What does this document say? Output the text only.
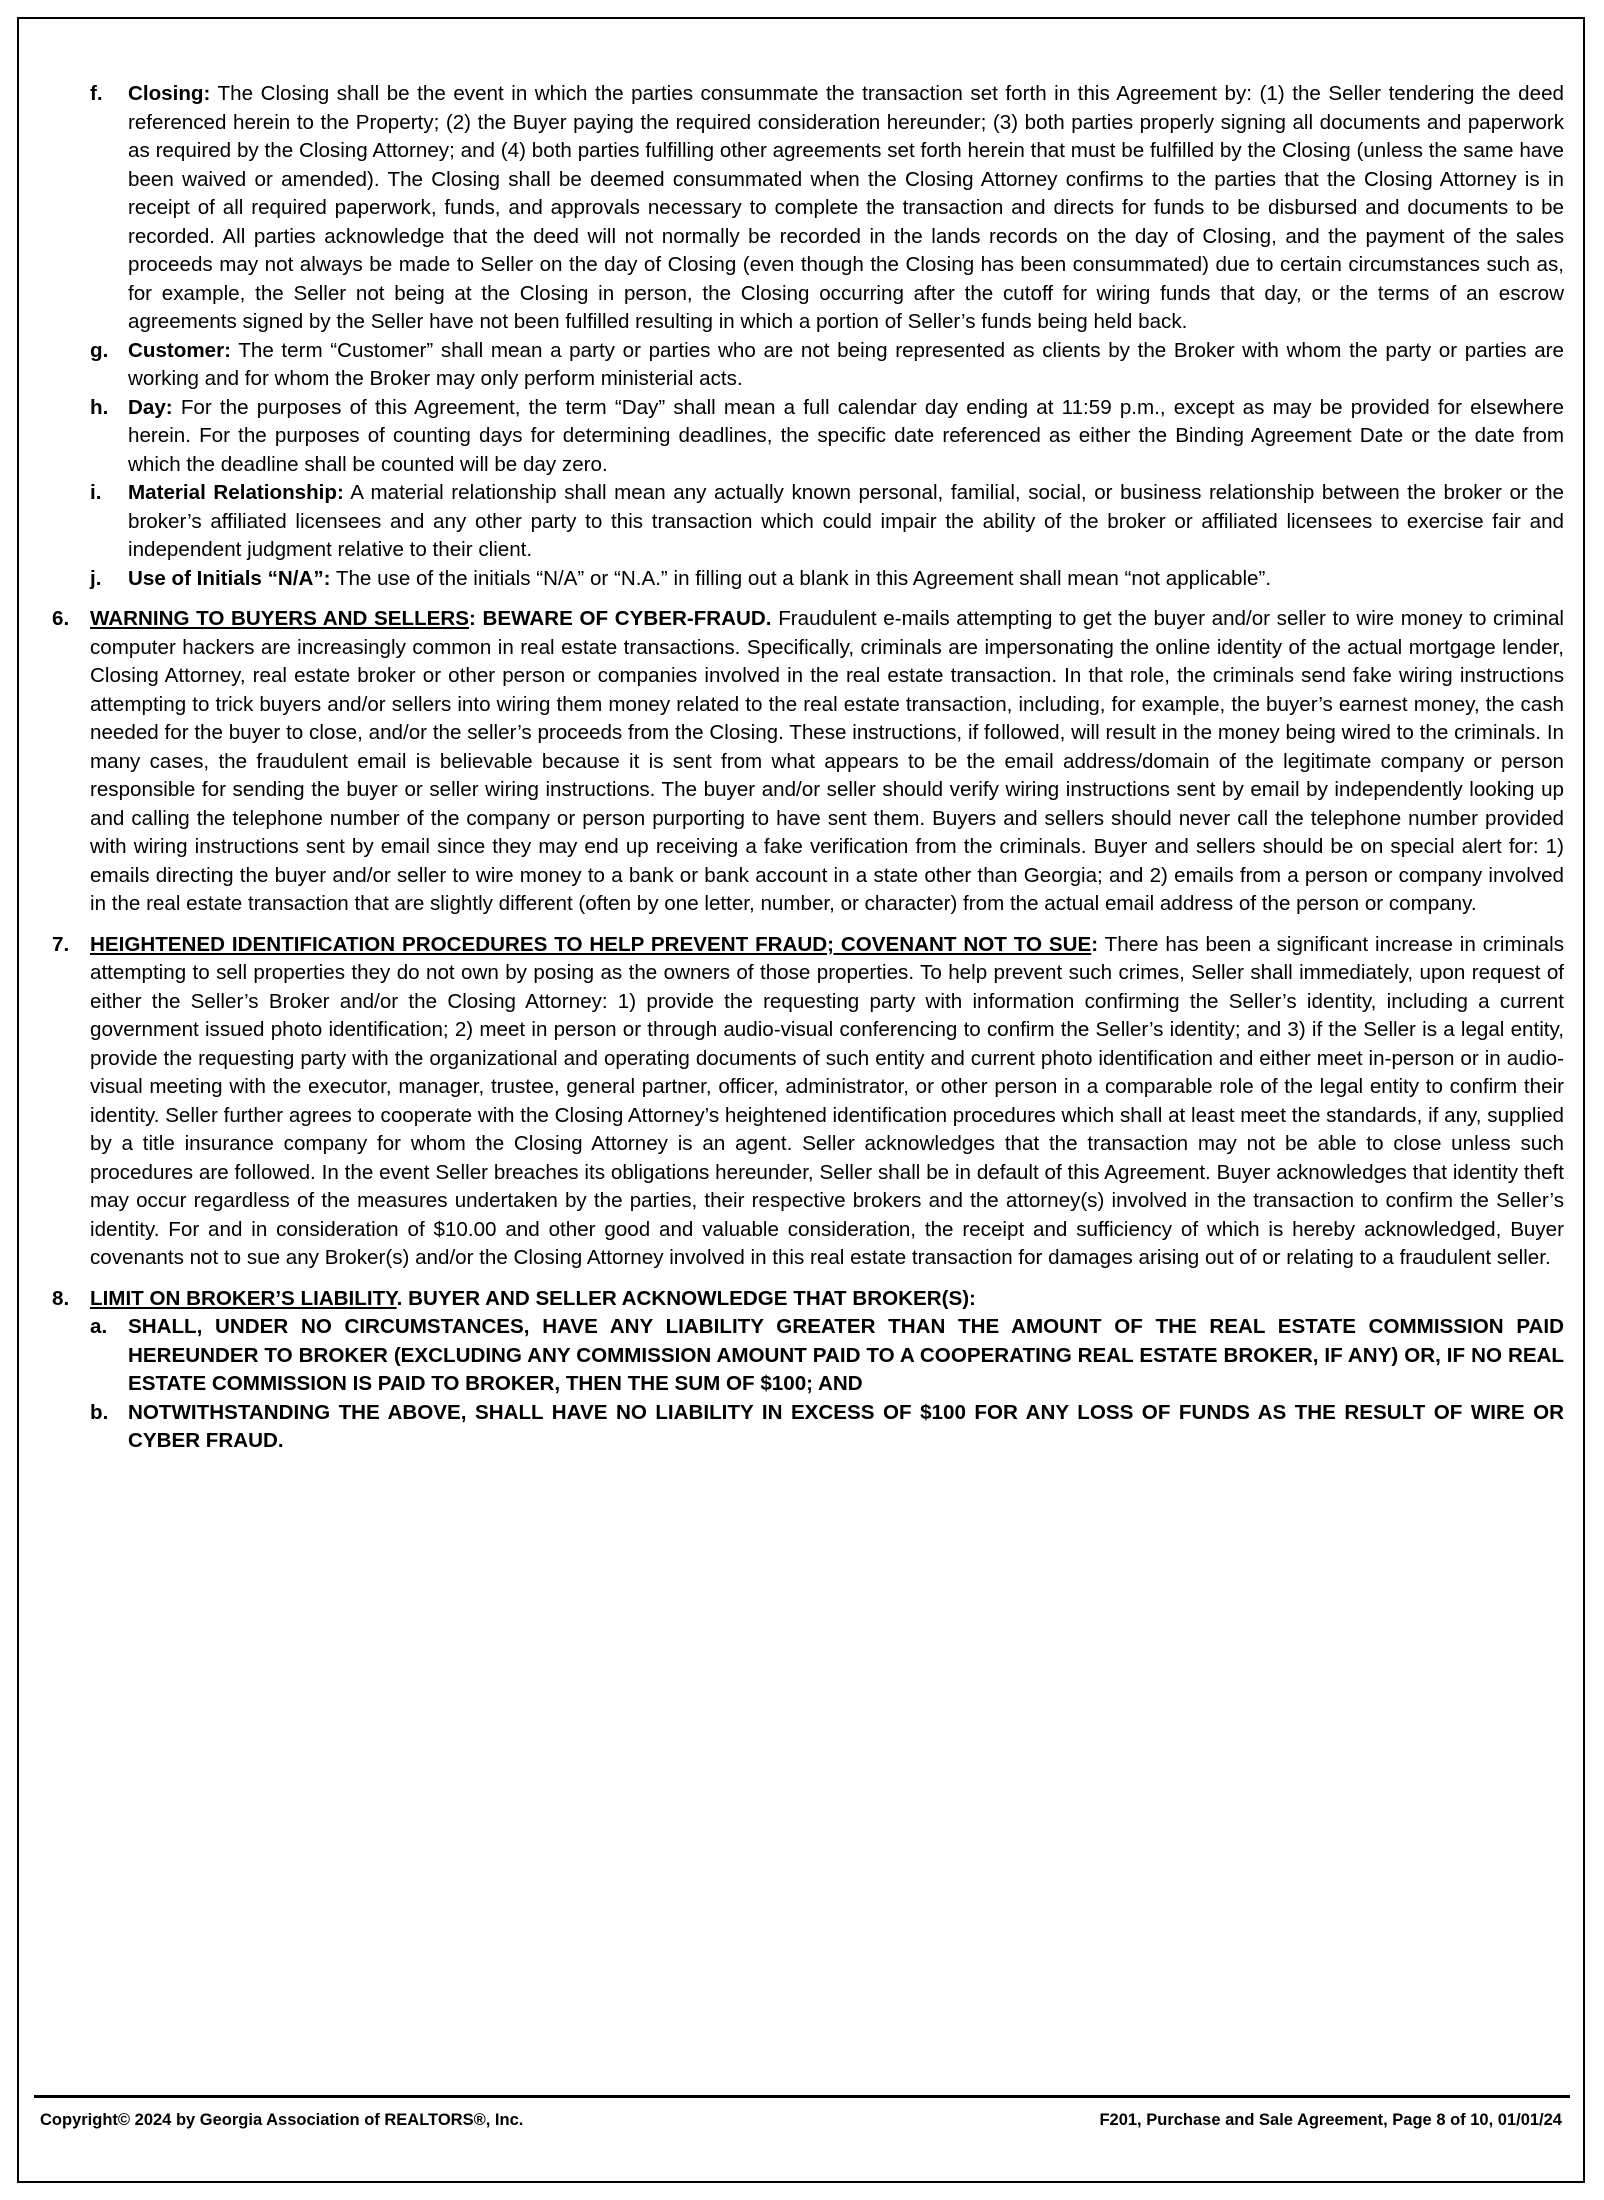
f. Closing: The Closing shall be the event in which the parties consummate the transaction set forth in this Agreement by: (1) the Seller tendering the deed referenced herein to the Property; (2) the Buyer paying the required consideration hereunder; (3) both parties properly signing all documents and paperwork as required by the Closing Attorney; and (4) both parties fulfilling other agreements set forth herein that must be fulfilled by the Closing (unless the same have been waived or amended). The Closing shall be deemed consummated when the Closing Attorney confirms to the parties that the Closing Attorney is in receipt of all required paperwork, funds, and approvals necessary to complete the transaction and directs for funds to be disbursed and documents to be recorded. All parties acknowledge that the deed will not normally be recorded in the lands records on the day of Closing, and the payment of the sales proceeds may not always be made to Seller on the day of Closing (even though the Closing has been consummated) due to certain circumstances such as, for example, the Seller not being at the Closing in person, the Closing occurring after the cutoff for wiring funds that day, or the terms of an escrow agreements signed by the Seller have not been fulfilled resulting in which a portion of Seller’s funds being held back.
g. Customer: The term “Customer” shall mean a party or parties who are not being represented as clients by the Broker with whom the party or parties are working and for whom the Broker may only perform ministerial acts.
h. Day: For the purposes of this Agreement, the term “Day” shall mean a full calendar day ending at 11:59 p.m., except as may be provided for elsewhere herein. For the purposes of counting days for determining deadlines, the specific date referenced as either the Binding Agreement Date or the date from which the deadline shall be counted will be day zero.
i. Material Relationship: A material relationship shall mean any actually known personal, familial, social, or business relationship between the broker or the broker’s affiliated licensees and any other party to this transaction which could impair the ability of the broker or affiliated licensees to exercise fair and independent judgment relative to their client.
j. Use of Initials “N/A”: The use of the initials “N/A” or “N.A.” in filling out a blank in this Agreement shall mean “not applicable”.
6. WARNING TO BUYERS AND SELLERS: BEWARE OF CYBER-FRAUD. Fraudulent e-mails attempting to get the buyer and/or seller to wire money to criminal computer hackers are increasingly common in real estate transactions. Specifically, criminals are impersonating the online identity of the actual mortgage lender, Closing Attorney, real estate broker or other person or companies involved in the real estate transaction. In that role, the criminals send fake wiring instructions attempting to trick buyers and/or sellers into wiring them money related to the real estate transaction, including, for example, the buyer’s earnest money, the cash needed for the buyer to close, and/or the seller’s proceeds from the Closing. These instructions, if followed, will result in the money being wired to the criminals. In many cases, the fraudulent email is believable because it is sent from what appears to be the email address/domain of the legitimate company or person responsible for sending the buyer or seller wiring instructions. The buyer and/or seller should verify wiring instructions sent by email by independently looking up and calling the telephone number of the company or person purporting to have sent them. Buyers and sellers should never call the telephone number provided with wiring instructions sent by email since they may end up receiving a fake verification from the criminals. Buyer and sellers should be on special alert for: 1) emails directing the buyer and/or seller to wire money to a bank or bank account in a state other than Georgia; and 2) emails from a person or company involved in the real estate transaction that are slightly different (often by one letter, number, or character) from the actual email address of the person or company.
7. HEIGHTENED IDENTIFICATION PROCEDURES TO HELP PREVENT FRAUD; COVENANT NOT TO SUE: There has been a significant increase in criminals attempting to sell properties they do not own by posing as the owners of those properties. To help prevent such crimes, Seller shall immediately, upon request of either the Seller’s Broker and/or the Closing Attorney: 1) provide the requesting party with information confirming the Seller’s identity, including a current government issued photo identification; 2) meet in person or through audio-visual conferencing to confirm the Seller’s identity; and 3) if the Seller is a legal entity, provide the requesting party with the organizational and operating documents of such entity and current photo identification and either meet in-person or in audio-visual meeting with the executor, manager, trustee, general partner, officer, administrator, or other person in a comparable role of the legal entity to confirm their identity. Seller further agrees to cooperate with the Closing Attorney’s heightened identification procedures which shall at least meet the standards, if any, supplied by a title insurance company for whom the Closing Attorney is an agent. Seller acknowledges that the transaction may not be able to close unless such procedures are followed. In the event Seller breaches its obligations hereunder, Seller shall be in default of this Agreement. Buyer acknowledges that identity theft may occur regardless of the measures undertaken by the parties, their respective brokers and the attorney(s) involved in the transaction to confirm the Seller’s identity. For and in consideration of $10.00 and other good and valuable consideration, the receipt and sufficiency of which is hereby acknowledged, Buyer covenants not to sue any Broker(s) and/or the Closing Attorney involved in this real estate transaction for damages arising out of or relating to a fraudulent seller.
8. LIMIT ON BROKER’S LIABILITY. BUYER AND SELLER ACKNOWLEDGE THAT BROKER(S):
a. SHALL, UNDER NO CIRCUMSTANCES, HAVE ANY LIABILITY GREATER THAN THE AMOUNT OF THE REAL ESTATE COMMISSION PAID HEREUNDER TO BROKER (EXCLUDING ANY COMMISSION AMOUNT PAID TO A COOPERATING REAL ESTATE BROKER, IF ANY) OR, IF NO REAL ESTATE COMMISSION IS PAID TO BROKER, THEN THE SUM OF $100; AND
b. NOTWITHSTANDING THE ABOVE, SHALL HAVE NO LIABILITY IN EXCESS OF $100 FOR ANY LOSS OF FUNDS AS THE RESULT OF WIRE OR CYBER FRAUD.
Copyright© 2024 by Georgia Association of REALTORS®, Inc.	F201, Purchase and Sale Agreement, Page 8 of 10, 01/01/24
